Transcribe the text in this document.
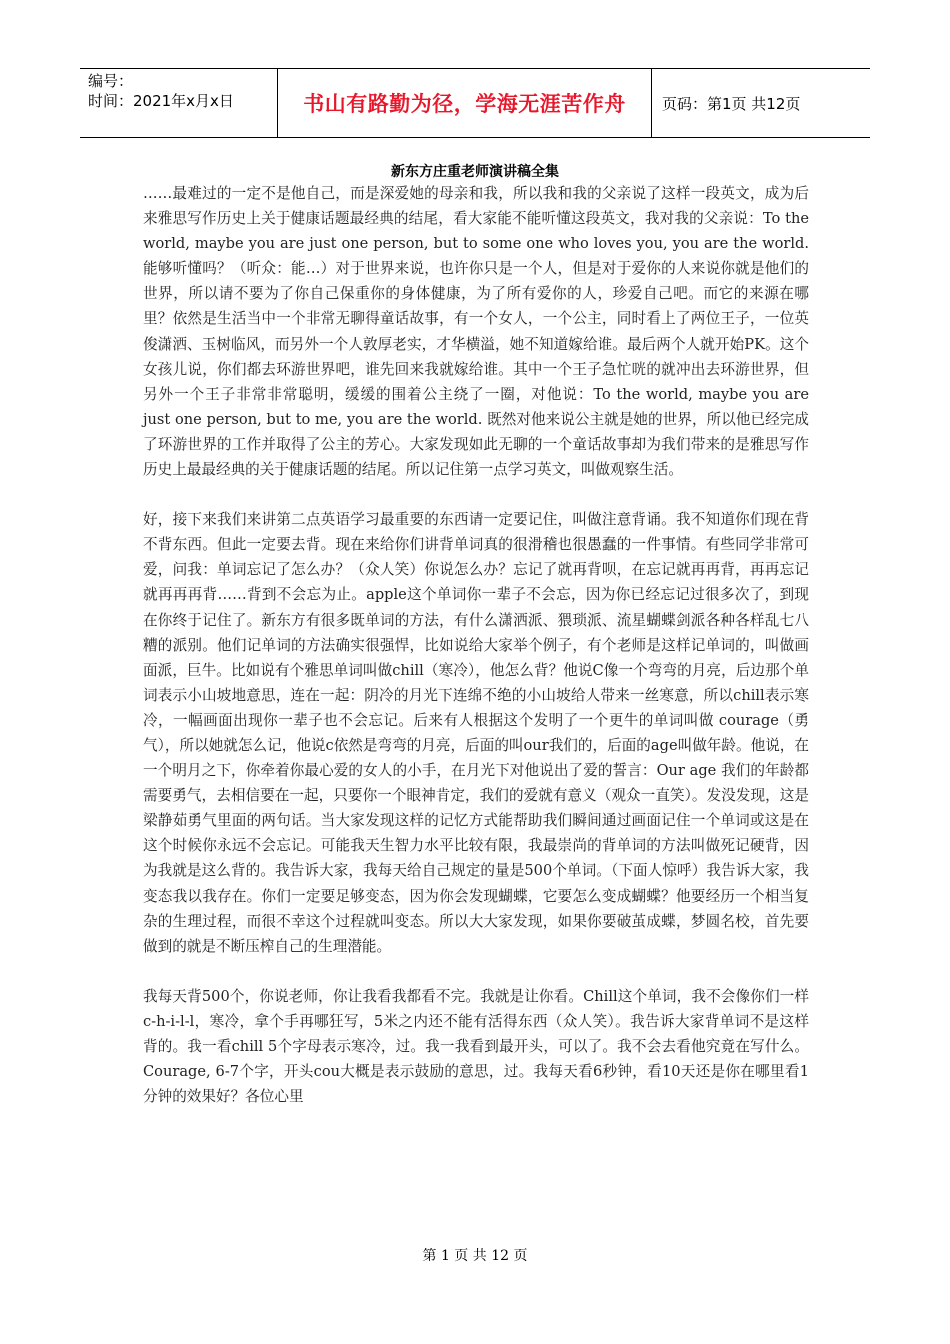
编号：
时间：2021年x月x日	书山有路勤为径，学海无涯苦作舟	页码：第1页 共12页
新东方庄重老师演讲稿全集

……最难过的一定不是他自己，而是深爱她的母亲和我，所以我和我的父亲说了这样一段英文，成为后来雅思写作历史上关于健康话题最经典的结尾，看大家能不能听懂这段英文，我对我的父亲说：To the world, maybe you are just one person, but to some one who loves you, you are the world.能够听懂吗？（听众：能…）对于世界来说，也许你只是一个人，但是对于爱你的人来说你就是他们的世界，所以请不要为了你自己保重你的身体健康，为了所有爱你的人，珍爱自己吧。而它的来源在哪里？依然是生活当中一个非常无聊得童话故事，有一个女人，一个公主，同时看上了两位王子，一位英俊潇洒、玉树临风，而另外一个人敦厚老实，才华横溢，她不知道嫁给谁。最后两个人就开始PK。这个女孩儿说，你们都去环游世界吧，谁先回来我就嫁给谁。其中一个王子急忙咣的就冲出去环游世界，但另外一个王子非常非常聪明，缓缓的围着公主绕了一圈，对他说：To the world, maybe you are just one person, but to me, you are the world. 既然对他来说公主就是她的世界，所以他已经完成了环游世界的工作并取得了公主的芳心。大家发现如此无聊的一个童话故事却为我们带来的是雅思写作历史上最最经典的关于健康话题的结尾。所以记住第一点学习英文，叫做观察生活。

好，接下来我们来讲第二点英语学习最重要的东西请一定要记住，叫做注意背诵。我不知道你们现在背不背东西。但此一定要去背。现在来给你们讲背单词真的很滑稽也很愚蠢的一件事情。有些同学非常可爱，问我：单词忘记了怎么办？（众人笑）你说怎么办？忘记了就再背呗，在忘记就再再背，再再忘记就再再再背……背到不会忘为止。apple这个单词你一辈子不会忘，因为你已经忘记过很多次了，到现在你终于记住了。新东方有很多既单词的方法，有什么潇洒派、猥琐派、流星蝴蝶剑派各种各样乱七八糟的派别。他们记单词的方法确实很强悍，比如说给大家举个例子，有个老师是这样记单词的，叫做画面派，巨牛。比如说有个雅思单词叫做chill（寒冷），他怎么背？他说C像一个弯弯的月亮，后边那个单词表示小山坡地意思，连在一起：阴冷的月光下连绵不绝的小山坡给人带来一丝寒意，所以chill表示寒冷，一幅画面出现你一辈子也不会忘记。后来有人根据这个发明了一个更牛的单词叫做 courage（勇气），所以她就怎么记，他说c依然是弯弯的月亮，后面的叫our我们的，后面的age叫做年龄。他说，在一个明月之下，你牵着你最心爱的女人的小手，在月光下对他说出了爱的誓言：Our age 我们的年龄都需要勇气，去相信要在一起，只要你一个眼神肯定，我们的爱就有意义（观众一直笑）。发没发现，这是梁静茹勇气里面的两句话。当大家发现这样的记忆方式能帮助我们瞬间通过画面记住一个单词或这是在这个时候你永远不会忘记。可能我天生智力水平比较有限，我最崇尚的背单词的方法叫做死记硬背，因为我就是这么背的。我告诉大家，我每天给自己规定的量是500个单词。（下面人惊呼）我告诉大家，我变态我以我存在。你们一定要足够变态，因为你会发现蝴蝶，它要怎么变成蝴蝶？他要经历一个相当复杂的生理过程，而很不幸这个过程就叫变态。所以大大家发现，如果你要破茧成蝶，梦圆名校，首先要做到的就是不断压榨自己的生理潜能。

我每天背500个，你说老师，你让我看我都看不完。我就是让你看。Chill这个单词，我不会像你们一样c-h-i-l-l，寒冷，拿个手再哪狂写，5米之内还不能有活得东西（众人笑）。我告诉大家背单词不是这样背的。我一看chill 5个字母表示寒冷，过。我一我看到最开头，可以了。我不会去看他究竟在写什么。Courage, 6-7个字，开头cou大概是表示鼓励的意思，过。我每天看6秒钟，看10天还是你在哪里看1分钟的效果好？各位心里

第 1 页 共 12 页
